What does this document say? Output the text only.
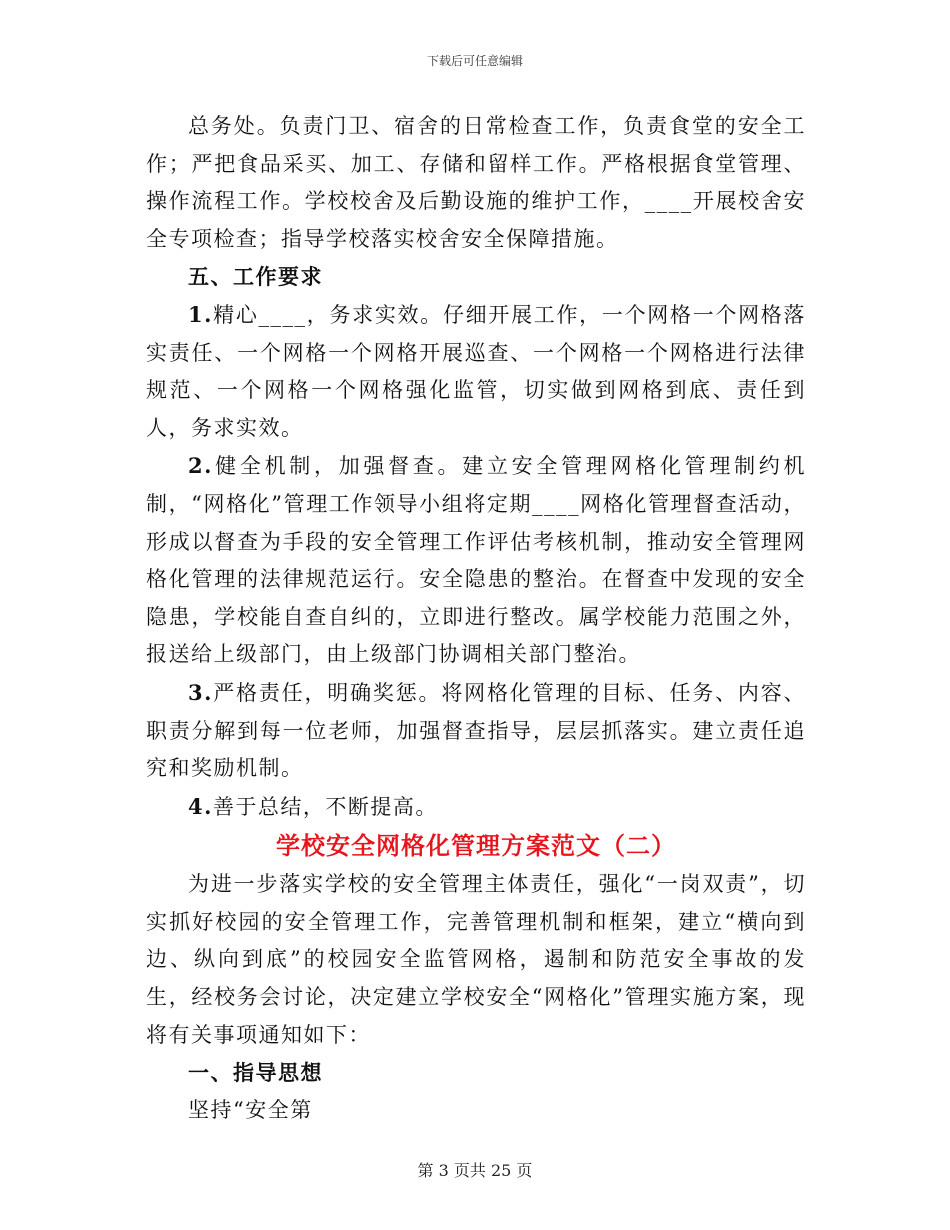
下载后可任意编辑

总务处。负责门卫、宿舍的日常检查工作，负责食堂的安全工作；严把食品采买、加工、存储和留样工作。严格根据食堂管理、操作流程工作。学校校舍及后勤设施的维护工作，____开展校舍安全专项检查；指导学校落实校舍安全保障措施。

五、工作要求

1.精心____，务求实效。仔细开展工作，一个网格一个网格落实责任、一个网格一个网格开展巡查、一个网格一个网格进行法律规范、一个网格一个网格强化监管，切实做到网格到底、责任到人，务求实效。

2.健全机制，加强督查。建立安全管理网格化管理制约机制，“网格化”管理工作领导小组将定期____网格化管理督查活动，形成以督查为手段的安全管理工作评估考核机制，推动安全管理网格化管理的法律规范运行。安全隐患的整治。在督查中发现的安全隐患，学校能自查自纠的，立即进行整改。属学校能力范围之外，报送给上级部门，由上级部门协调相关部门整治。

3.严格责任，明确奖惩。将网格化管理的目标、任务、内容、职责分解到每一位老师，加强督查指导，层层抓落实。建立责任追究和奖励机制。

4.善于总结，不断提高。

学校安全网格化管理方案范文（二）

为进一步落实学校的安全管理主体责任，强化“一岗双责”，切实抓好校园的安全管理工作，完善管理机制和框架，建立“横向到边、纵向到底”的校园安全监管网格，遏制和防范安全事故的发生，经校务会讨论，决定建立学校安全“网格化”管理实施方案，现将有关事项通知如下：

一、指导思想

坚持“安全第

第 3 页共 25 页
